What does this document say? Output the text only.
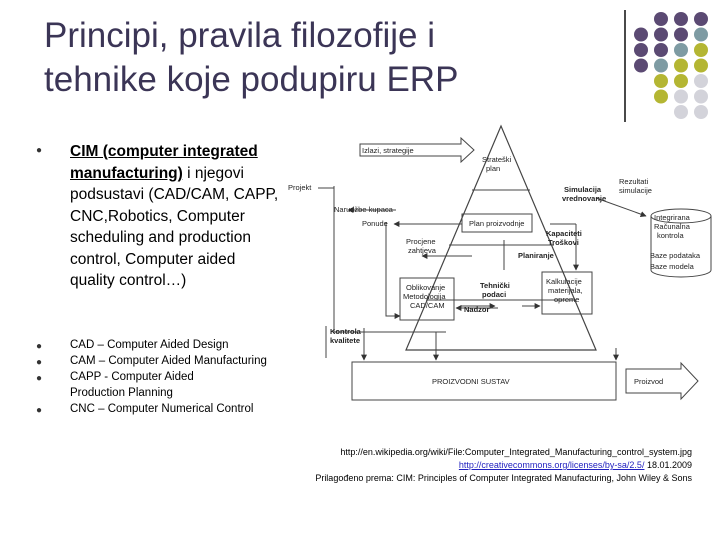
Principi, pravila filozofije i
tehnike koje podupiru ERP
● CIM (computer integrated manufacturing) i njegovi podsustavi (CAD/CAM, CAPP, CNC,Robotics, Computer scheduling and production control, Computer aided quality control…)
● CAD – Computer Aided Design
● CAM – Computer Aided Manufacturing
● CAPP - Computer Aided Production Planning
● CNC – Computer Numerical Control
Izlazi, strategije
Strateški
plan
Projekt
Rezultati
simulacije
Simulacija
vrednovanje
Narudžbe kupaca
Ponude	Plan proizvodnje
Integrirana
Računalna
kontrola
Baze podataka
Baze modela
Kapaciteti
Troškovi
Procjene
zahtjeva
Planiranje
Oblikovanje
Metodologija
CAD/CAM
Tehnički
podaci
Kalkulacije
materijala,
opreme
Nadzor
Kontrola
kvalitete
PROIZVODNI SUSTAV	Proizvod
http://en.wikipedia.org/wiki/File:Computer_Integrated_Manufacturing_control_system.jpg
http://creativecommons.org/licenses/by-sa/2.5/ 18.01.2009
Prilagođeno prema: CIM: Principles of Computer Integrated Manufacturing, John Wiley & Sons
